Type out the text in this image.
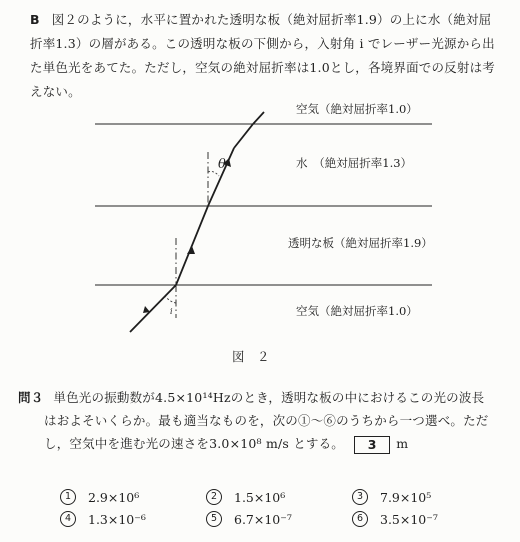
B 図２のように，水平に置かれた透明な板（絶対屈折率1.9）の上に水（絶対屈折率1.3）の層がある。この透明な板の下側から，入射角 i でレーザー光源から出た単色光をあてた。ただし，空気の絶対屈折率は1.0とし，各境界面での反射は考えない。
θ
i
空気（絶対屈折率1.0）
水　（絶対屈折率1.3）
透明な板（絶対屈折率1.9）
空気（絶対屈折率1.0）
図　２
問３ 単色光の振動数が4.5×10¹⁴Hzのとき，透明な板の中におけるこの光の波長はおよそいくらか。最も適当なものを，次の①～⑥のうちから一つ選べ。ただし，空気中を進む光の速さを3.0×10⁸ m/s とする。 3 m
1	2.9×10⁶	2	1.5×10⁶	3	7.9×10⁵
4	1.3×10⁻⁶	5	6.7×10⁻⁷	6	3.5×10⁻⁷
